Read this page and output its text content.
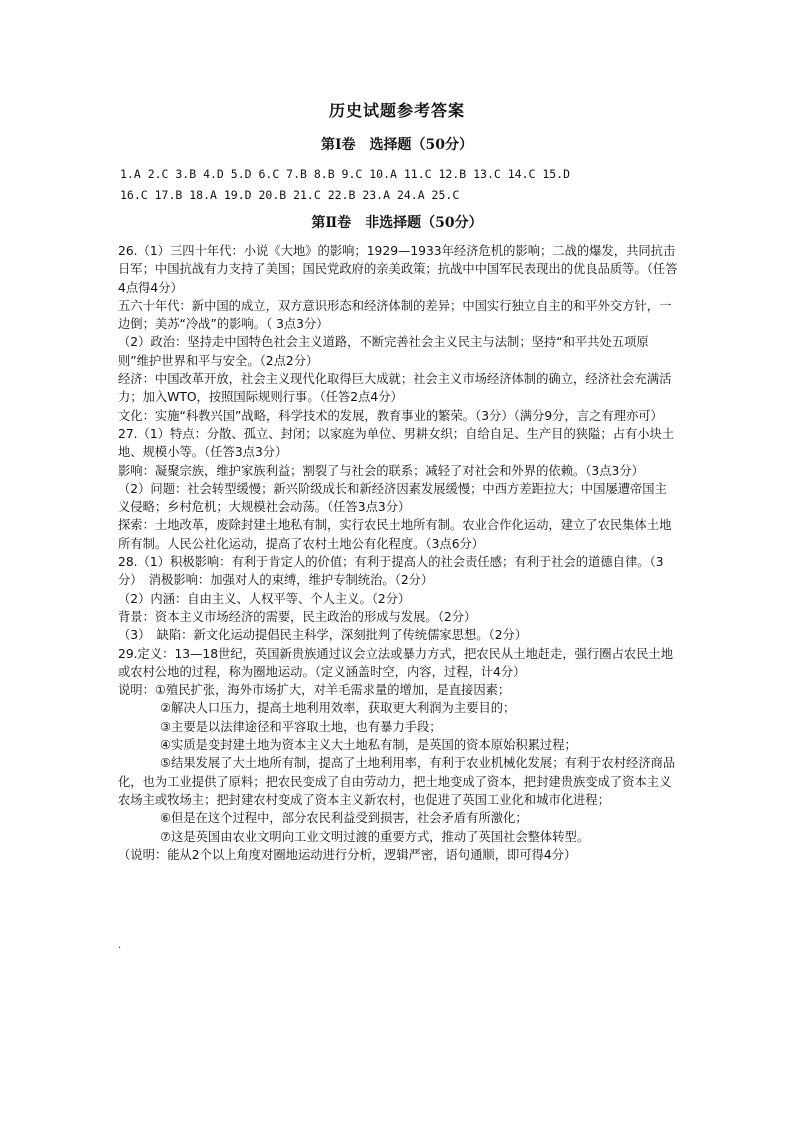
历史试题参考答案
第Ⅰ卷　选择题（50分）
1.A 2.C 3.B 4.D 5.D 6.C 7.B 8.B 9.C 10.A 11.C 12.B 13.C 14.C 15.D
16.C 17.B 18.A 19.D 20.B 21.C 22.B 23.A 24.A 25.C
第Ⅱ卷　非选择题（50分）

26.（1）三四十年代：小说《大地》的影响；1929—1933年经济危机的影响；二战的爆发，共同抗击日军；中国抗战有力支持了美国；国民党政府的亲美政策；抗战中中国军民表现出的优良品质等。（任答4点得4分）

五六十年代：新中国的成立，双方意识形态和经济体制的差异；中国实行独立自主的和平外交方针，一边倒；美苏“冷战”的影响。（ 3点3分）

（2）政治：坚持走中国特色社会主义道路，不断完善社会主义民主与法制；坚持“和平共处五项原则”维护世界和平与安全。（2点2分）

经济：中国改革开放，社会主义现代化取得巨大成就；社会主义市场经济体制的确立，经济社会充满活力；加入WTO，按照国际规则行事。（任答2点4分）

文化：实施“科教兴国”战略，科学技术的发展，教育事业的繁荣。（3分）（满分9分，言之有理亦可）

27.（1）特点：分散、孤立、封闭；以家庭为单位、男耕女织；自给自足、生产目的狭隘；占有小块土地、规模小等。（任答3点3分）

影响：凝聚宗族，维护家族利益；割裂了与社会的联系；减轻了对社会和外界的依赖。（3点3分）

（2）问题：社会转型缓慢；新兴阶级成长和新经济因素发展缓慢；中西方差距拉大；中国屡遭帝国主义侵略；乡村危机；大规模社会动荡。（任答3点3分）

探索：土地改革，废除封建土地私有制，实行农民土地所有制。农业合作化运动，建立了农民集体土地所有制。人民公社化运动，提高了农村土地公有化程度。（3点6分）

28.（1）积极影响：有利于肯定人的价值；有利于提高人的社会责任感；有利于社会的道德自律。（3分）　消极影响：加强对人的束缚，维护专制统治。（2分）

（2）内涵：自由主义、人权平等、个人主义。（2分）

背景：资本主义市场经济的需要，民主政治的形成与发展。（2分）

（3）　缺陷：新文化运动提倡民主科学，深刻批判了传统儒家思想。（2分）

29.定义：13—18世纪，英国新贵族通过议会立法或暴力方式，把农民从土地赶走，强行圈占农民土地或农村公地的过程，称为圈地运动。（定义涵盖时空，内容，过程，计4分）

说明：①殖民扩张，海外市场扩大，对羊毛需求量的增加，是直接因素；

②解决人口压力，提高土地利用效率，获取更大利润为主要目的；

③主要是以法律途径和平容取土地，也有暴力手段；

④实质是变封建土地为资本主义大土地私有制，是英国的资本原始积累过程；

⑤结果发展了大土地所有制，提高了土地利用率，有利于农业机械化发展；有利于农村经济商品化，也为工业提供了原料；把农民变成了自由劳动力，把土地变成了资本，把封建贵族变成了资本主义农场主或牧场主；把封建农村变成了资本主义新农村，也促进了英国工业化和城市化进程；

⑥但是在这个过程中，部分农民利益受到损害，社会矛盾有所激化；

⑦这是英国由农业文明向工业文明过渡的重要方式，推动了英国社会整体转型。

（说明：能从2个以上角度对圈地运动进行分析，逻辑严密，语句通顺，即可得4分）

.
